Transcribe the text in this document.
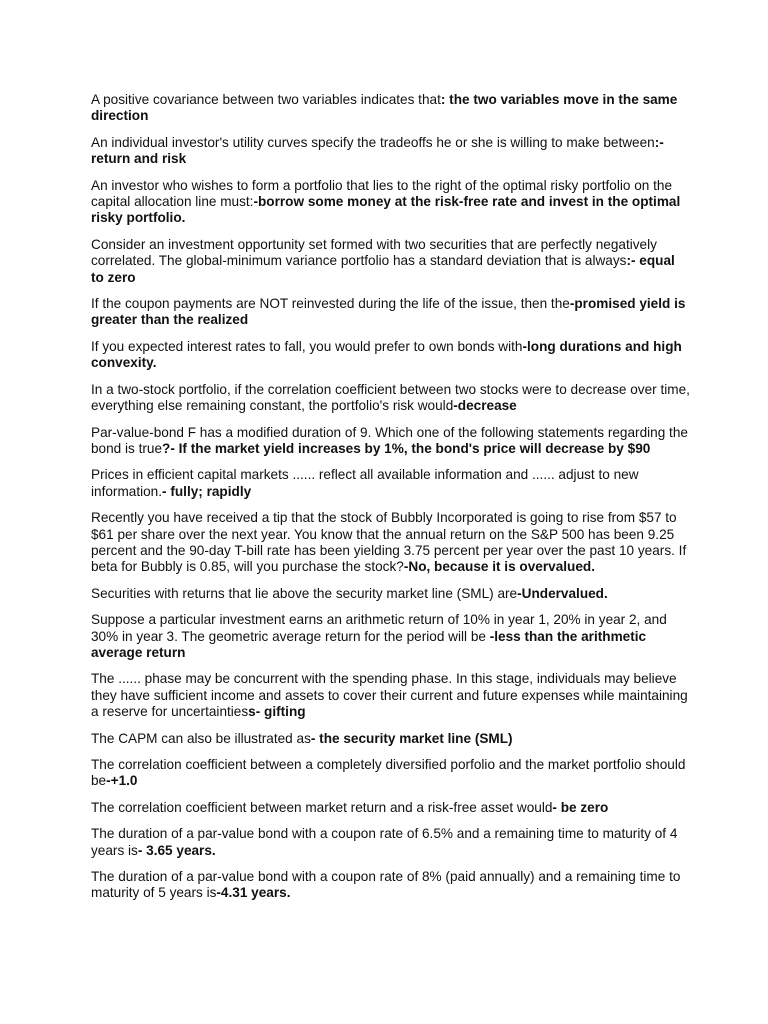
A positive covariance between two variables indicates that: the two variables move in the same direction

An individual investor's utility curves specify the tradeoffs he or she is willing to make between:- return and risk

An investor who wishes to form a portfolio that lies to the right of the optimal risky portfolio on the capital allocation line must:-borrow some money at the risk-free rate and invest in the optimal risky portfolio.

Consider an investment opportunity set formed with two securities that are perfectly negatively correlated. The global-minimum variance portfolio has a standard deviation that is always:- equal to zero

If the coupon payments are NOT reinvested during the life of the issue, then the-promised yield is greater than the realized

If you expected interest rates to fall, you would prefer to own bonds with-long durations and high convexity.

In a two-stock portfolio, if the correlation coefficient between two stocks were to decrease over time, everything else remaining constant, the portfolio's risk would-decrease

Par-value-bond F has a modified duration of 9. Which one of the following statements regarding the bond is true?- If the market yield increases by 1%, the bond's price will decrease by $90

Prices in efficient capital markets ...... reflect all available information and ...... adjust to new information.- fully; rapidly

Recently you have received a tip that the stock of Bubbly Incorporated is going to rise from $57 to $61 per share over the next year. You know that the annual return on the S&P 500 has been 9.25 percent and the 90-day T-bill rate has been yielding 3.75 percent per year over the past 10 years. If beta for Bubbly is 0.85, will you purchase the stock?-No, because it is overvalued.

Securities with returns that lie above the security market line (SML) are-Undervalued.

Suppose a particular investment earns an arithmetic return of 10% in year 1, 20% in year 2, and 30% in year 3. The geometric average return for the period will be -less than the arithmetic average return

The ...... phase may be concurrent with the spending phase. In this stage, individuals may believe they have sufficient income and assets to cover their current and future expenses while maintaining a reserve for uncertaintiess- gifting

The CAPM can also be illustrated as- the security market line (SML)

The correlation coefficient between a completely diversified porfolio and the market portfolio should be-+1.0

The correlation coefficient between market return and a risk-free asset would- be zero

The duration of a par-value bond with a coupon rate of 6.5% and a remaining time to maturity of 4 years is- 3.65 years.

The duration of a par-value bond with a coupon rate of 8% (paid annually) and a remaining time to maturity of 5 years is-4.31 years.
